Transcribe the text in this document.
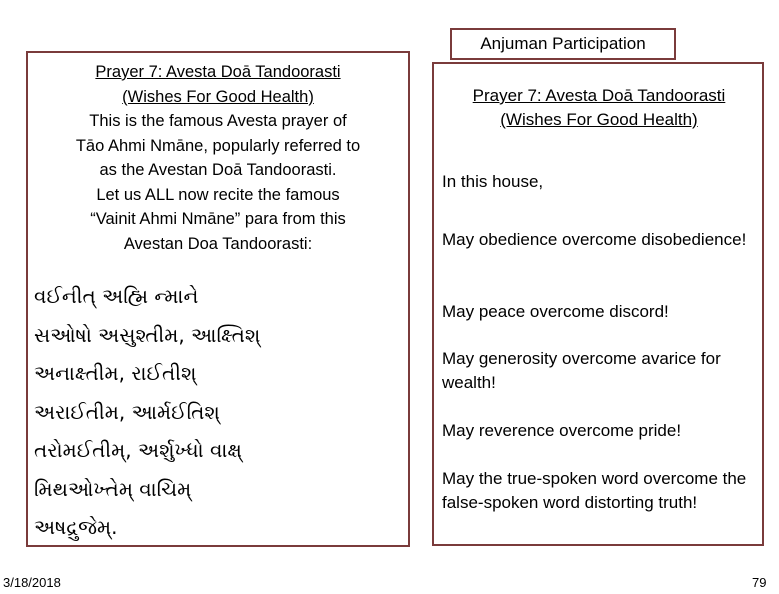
Prayer 7: Avesta Doā Tandoorasti
(Wishes For Good Health)
This is the famous Avesta prayer of
Tāo Ahmi Nmāne, popularly referred to
as the Avestan Doā Tandoorasti.
Let us ALL now recite the famous
“Vainit Ahmi Nmāne” para from this
Avestan Doa Tandoorasti:
વઈનીત્ અહ્મિ ન્માને
સઓષો અસુશ્તીમ, આક્ષ્તિશ્
અનાક્ષ્તીમ, રાઈતીશ્
અરાઈતીમ, આર્મઈતિશ્
તરોમઈતીમ્, અર્શુખ્ધો વાક્ષ્
મિથઓખ્તેમ્ વાચિમ્
અષદ્રુજેમ્.
Anjuman Participation
Prayer 7: Avesta Doā Tandoorasti (Wishes For Good Health)
In this house,
May obedience overcome disobedience!
May peace overcome discord!
May generosity overcome avarice for wealth!
May reverence overcome pride!
May the true-spoken word overcome the false-spoken word distorting truth!
3/18/2018	79
